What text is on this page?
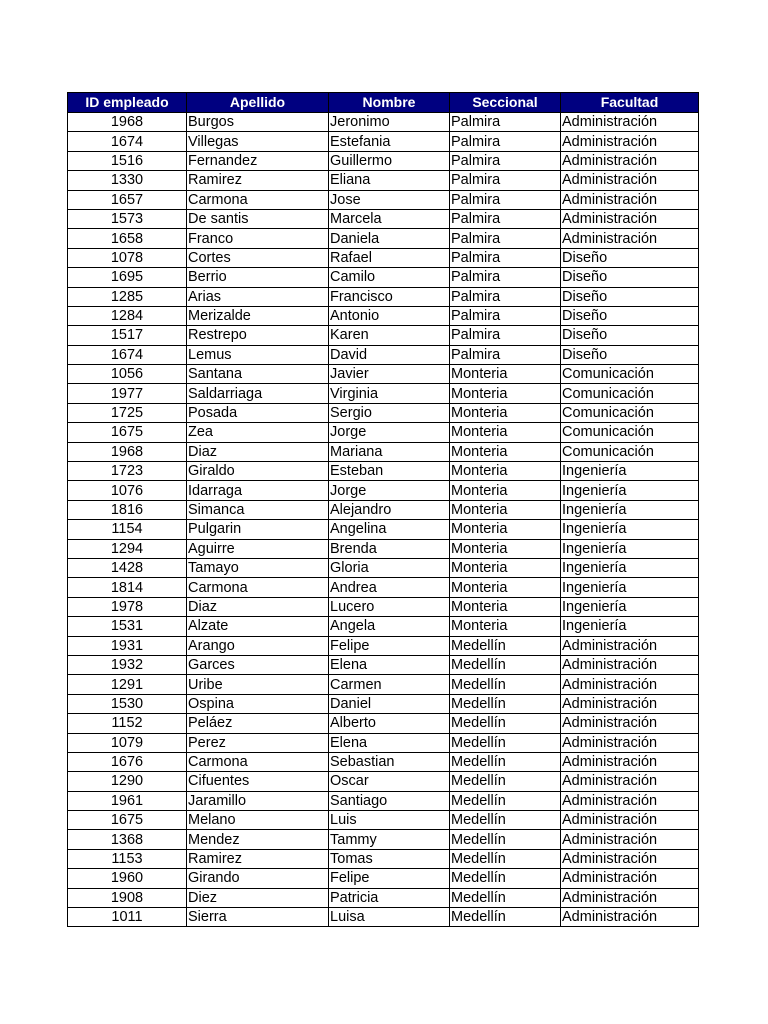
ID empleado	Apellido	Nombre	Seccional	Facultad
1968	Burgos	Jeronimo	Palmira	Administración
1674	Villegas	Estefania	Palmira	Administración
1516	Fernandez	Guillermo	Palmira	Administración
1330	Ramirez	Eliana	Palmira	Administración
1657	Carmona	Jose	Palmira	Administración
1573	De santis	Marcela	Palmira	Administración
1658	Franco	Daniela	Palmira	Administración
1078	Cortes	Rafael	Palmira	Diseño
1695	Berrio	Camilo	Palmira	Diseño
1285	Arias	Francisco	Palmira	Diseño
1284	Merizalde	Antonio	Palmira	Diseño
1517	Restrepo	Karen	Palmira	Diseño
1674	Lemus	David	Palmira	Diseño
1056	Santana	Javier	Monteria	Comunicación
1977	Saldarriaga	Virginia	Monteria	Comunicación
1725	Posada	Sergio	Monteria	Comunicación
1675	Zea	Jorge	Monteria	Comunicación
1968	Diaz	Mariana	Monteria	Comunicación
1723	Giraldo	Esteban	Monteria	Ingeniería
1076	Idarraga	Jorge	Monteria	Ingeniería
1816	Simanca	Alejandro	Monteria	Ingeniería
1154	Pulgarin	Angelina	Monteria	Ingeniería
1294	Aguirre	Brenda	Monteria	Ingeniería
1428	Tamayo	Gloria	Monteria	Ingeniería
1814	Carmona	Andrea	Monteria	Ingeniería
1978	Diaz	Lucero	Monteria	Ingeniería
1531	Alzate	Angela	Monteria	Ingeniería
1931	Arango	Felipe	Medellín	Administración
1932	Garces	Elena	Medellín	Administración
1291	Uribe	Carmen	Medellín	Administración
1530	Ospina	Daniel	Medellín	Administración
1152	Peláez	Alberto	Medellín	Administración
1079	Perez	Elena	Medellín	Administración
1676	Carmona	Sebastian	Medellín	Administración
1290	Cifuentes	Oscar	Medellín	Administración
1961	Jaramillo	Santiago	Medellín	Administración
1675	Melano	Luis	Medellín	Administración
1368	Mendez	Tammy	Medellín	Administración
1153	Ramirez	Tomas	Medellín	Administración
1960	Girando	Felipe	Medellín	Administración
1908	Diez	Patricia	Medellín	Administración
1011	Sierra	Luisa	Medellín	Administración
